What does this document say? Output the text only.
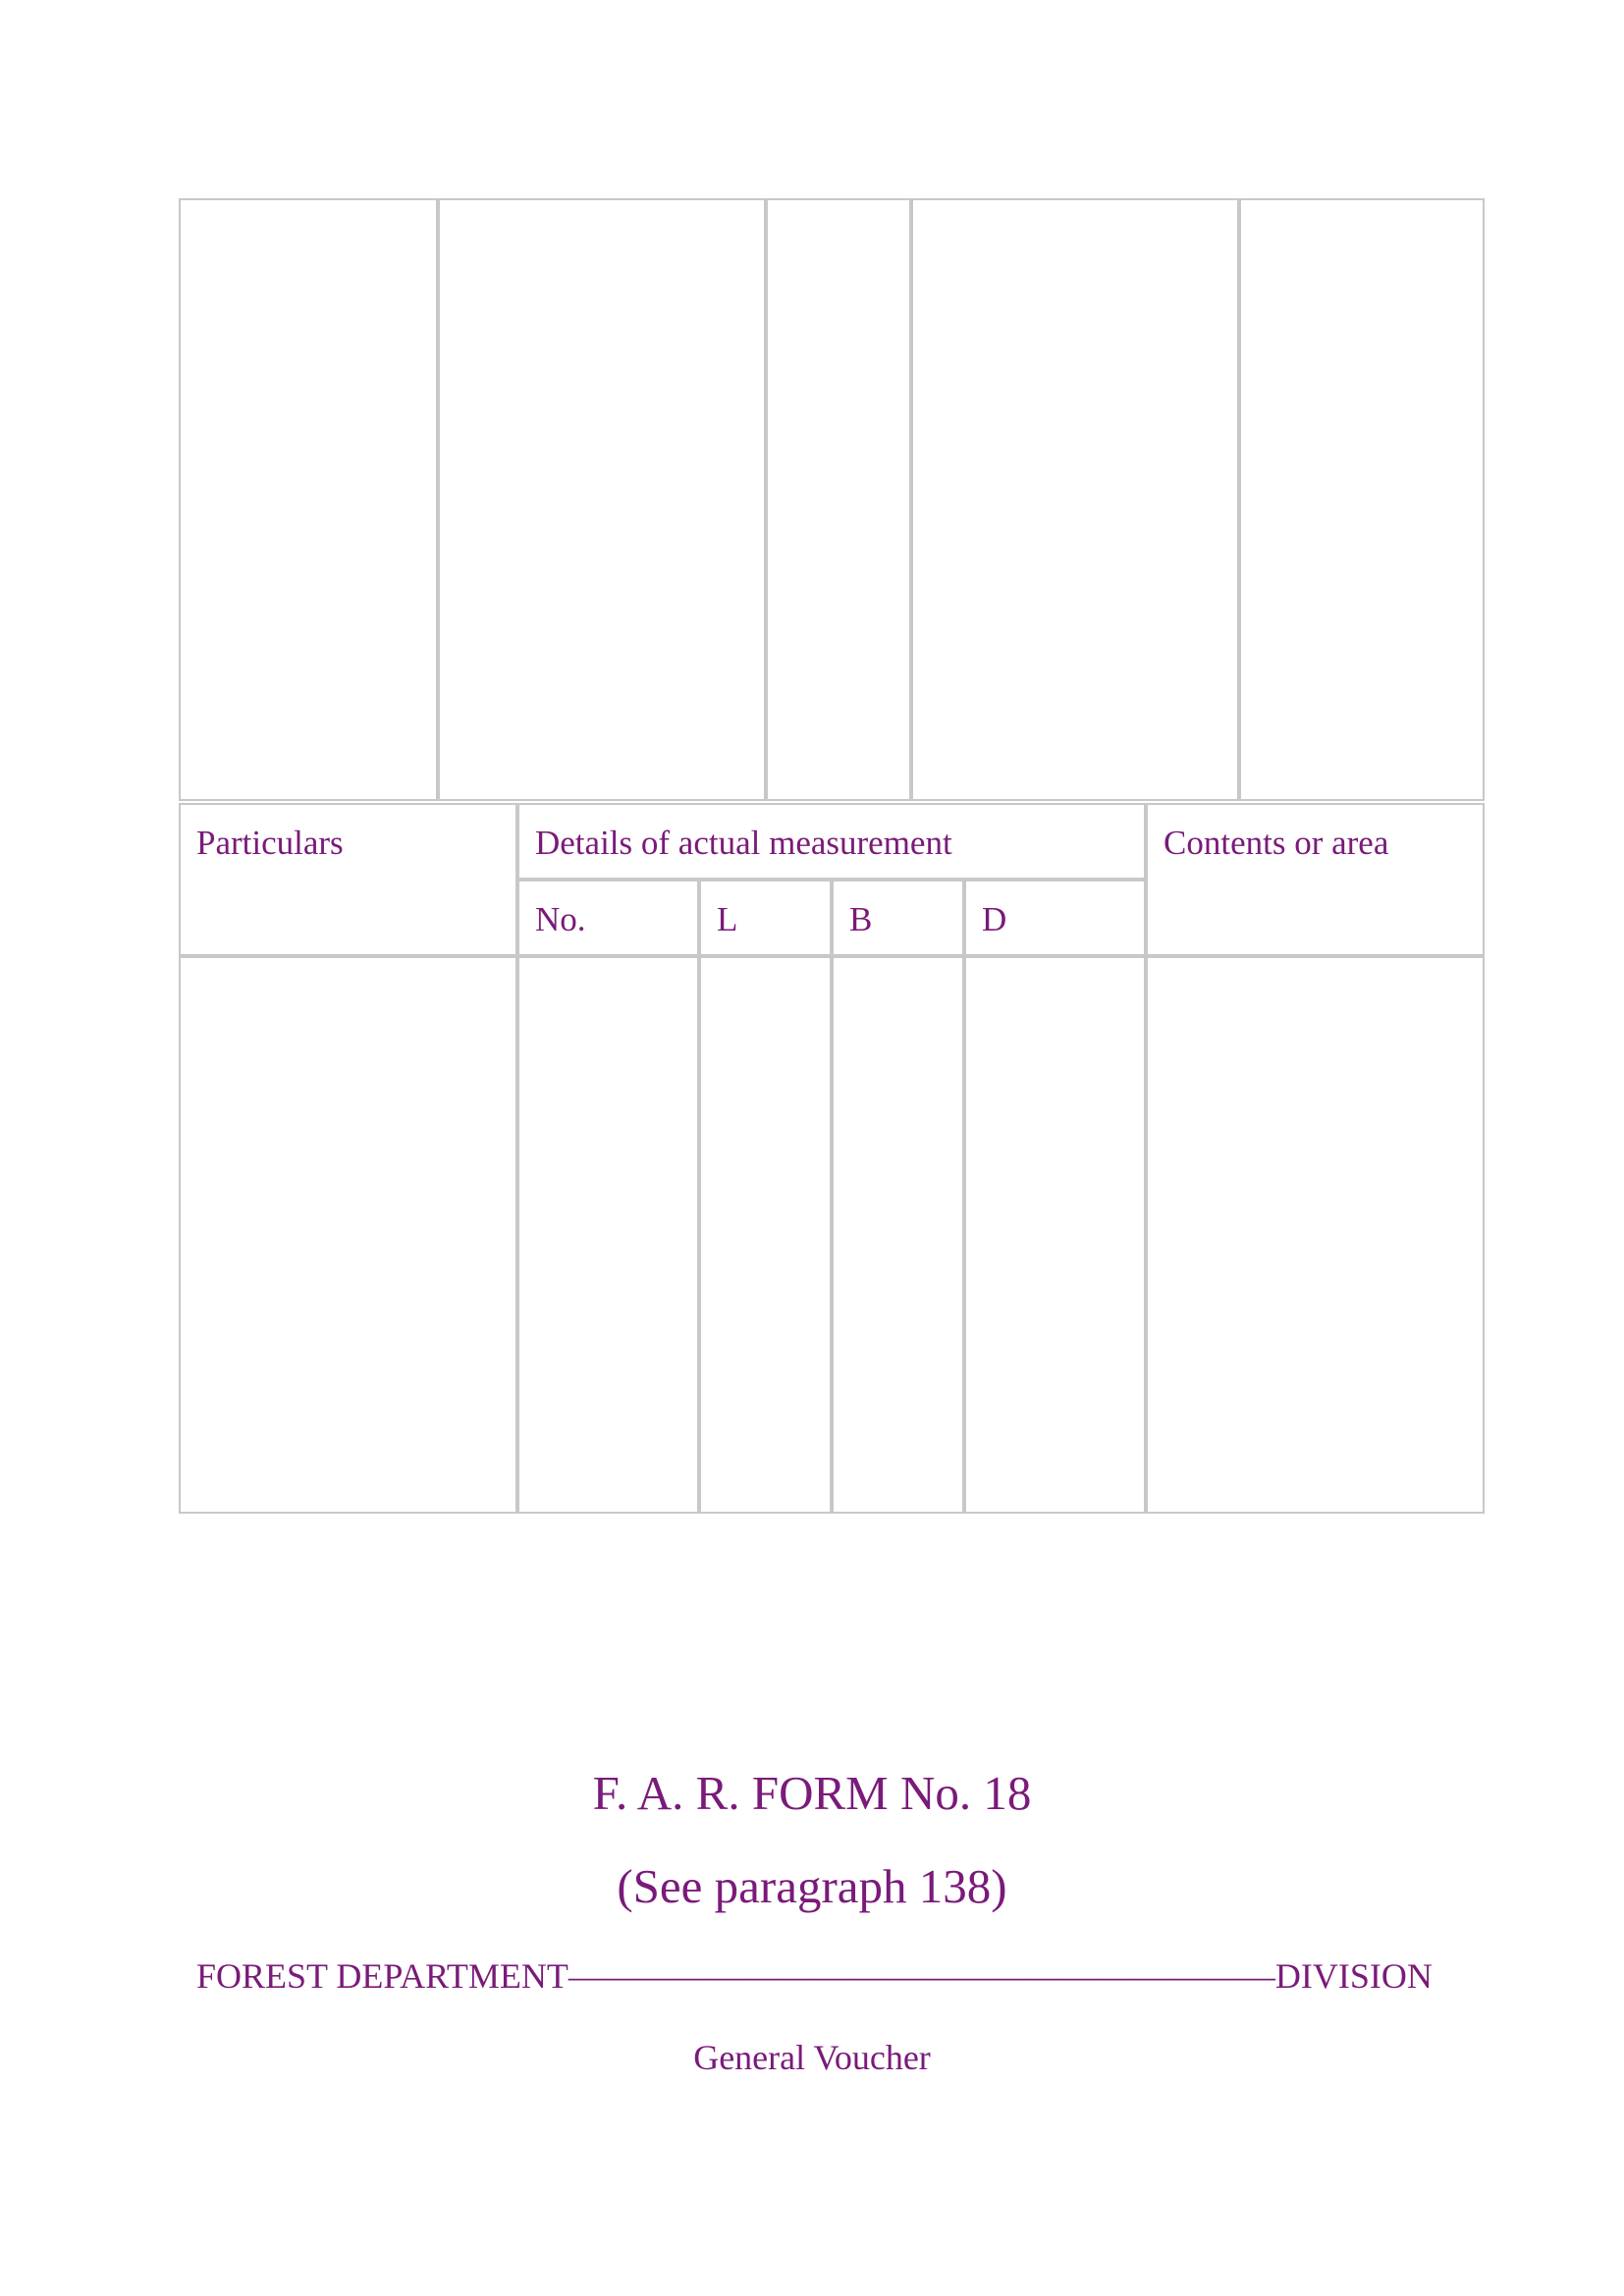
Particulars	Details of actual measurement				Contents or area
	No.	L	B	D	

F. A. R. FORM No. 18
(See paragraph 138)
FOREST DEPARTMENT————————————————————DIVISION
General Voucher
